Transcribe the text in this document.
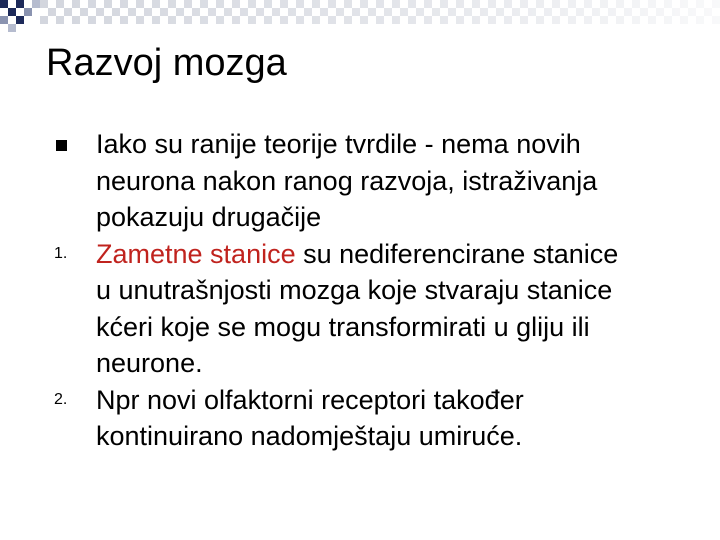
Razvoj mozga
Iako su ranije teorije tvrdile - nema novih neurona nakon ranog razvoja, istraživanja pokazuju drugačije
1. Zametne stanice su nediferencirane stanice u unutrašnjosti mozga koje stvaraju stanice kćeri koje se mogu transformirati u gliju ili neurone.
2. Npr novi olfaktorni receptori također kontinuirano nadomještaju umiruće.
